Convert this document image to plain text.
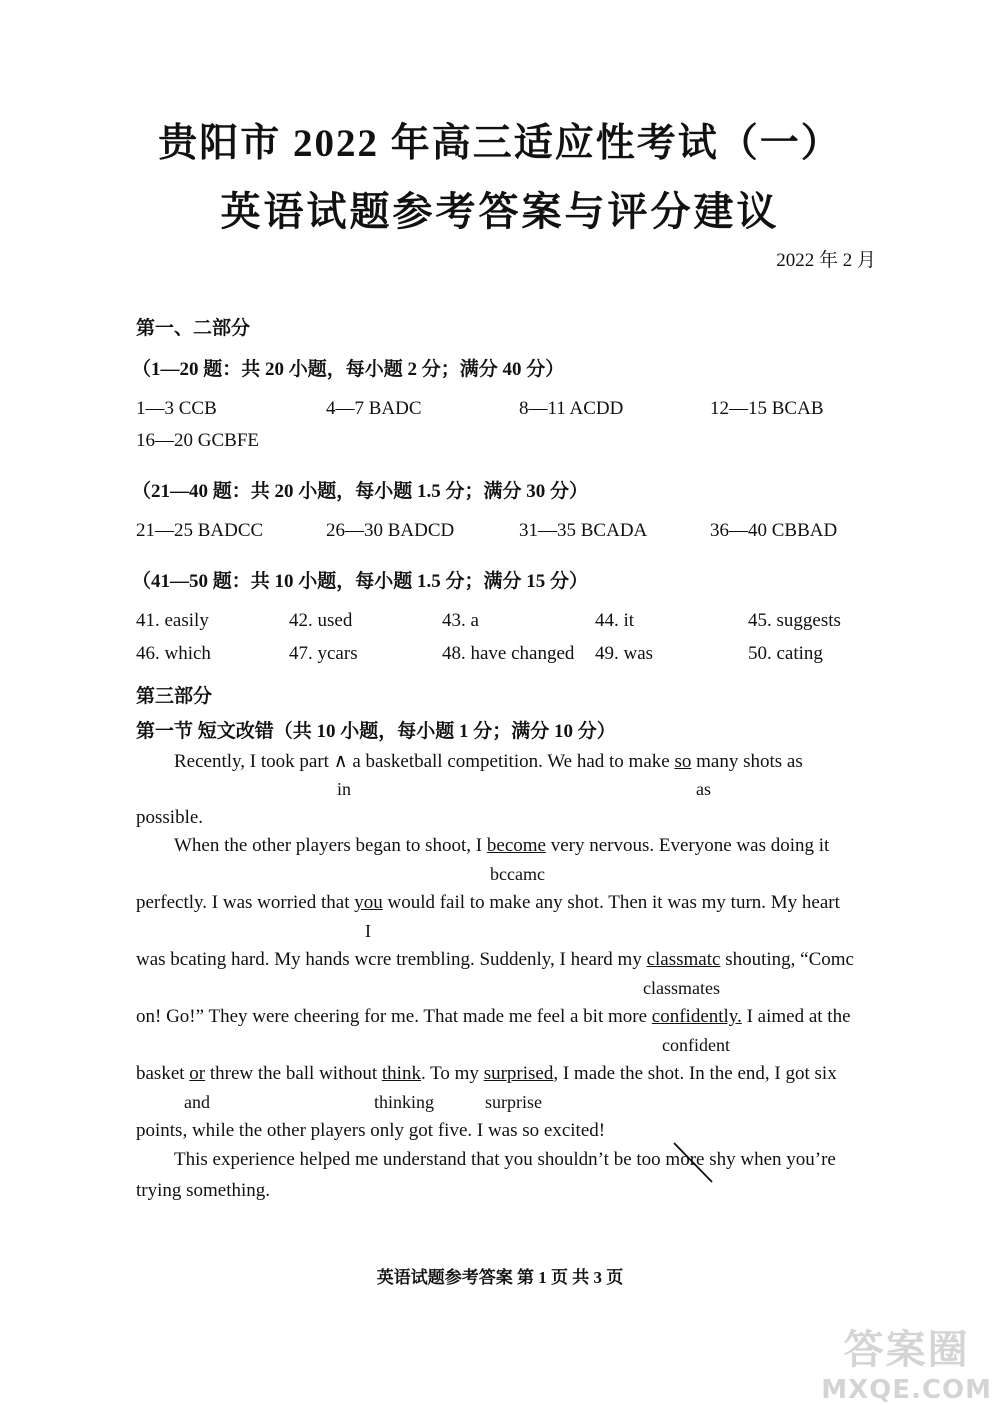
贵阳市 2022 年高三适应性考试（一）
英语试题参考答案与评分建议
2022 年 2 月
第一、二部分
（1—20 题：共 20 小题，每小题 2 分；满分 40 分）
1—3 CCB	4—7 BADC	8—11 ACDD	12—15 BCAB
16—20 GCBFE
（21—40 题：共 20 小题，每小题 1.5 分；满分 30 分）
21—25 BADCC	26—30 BADCD	31—35 BCADA	36—40 CBBAD
（41—50 题：共 10 小题，每小题 1.5 分；满分 15 分）
41. easily	42. used	43. a	44. it	45. suggests
46. which	47. ycars	48. have changed 49. was	50. cating
第三部分
第一节 短文改错（共 10 小题，每小题 1 分；满分 10 分）
Recently, I took part ∧ a basketball competition. We had to make so many shots as
in	as
possible.
When the other players began to shoot, I become very nervous. Everyone was doing it
bccamc
perfectly. I was worried that you would fail to make any shot. Then it was my turn. My heart
I
was bcating hard. My hands wcre trembling. Suddenly, I heard my classmatc shouting, “Comc
classmates
on! Go!” They were cheering for me. That made me feel a bit more confidently. I aimed at the
confident
basket or threw the ball without think. To my surprised, I made the shot. In the end, I got six
and	thinking	surprise
points, while the other players only got five. I was so excited!
This experience helped me understand that you shouldn’t be too more shy when you’re
trying something.
英语试题参考答案 第 1 页 共 3 页
答案圈
MXQE.COM
